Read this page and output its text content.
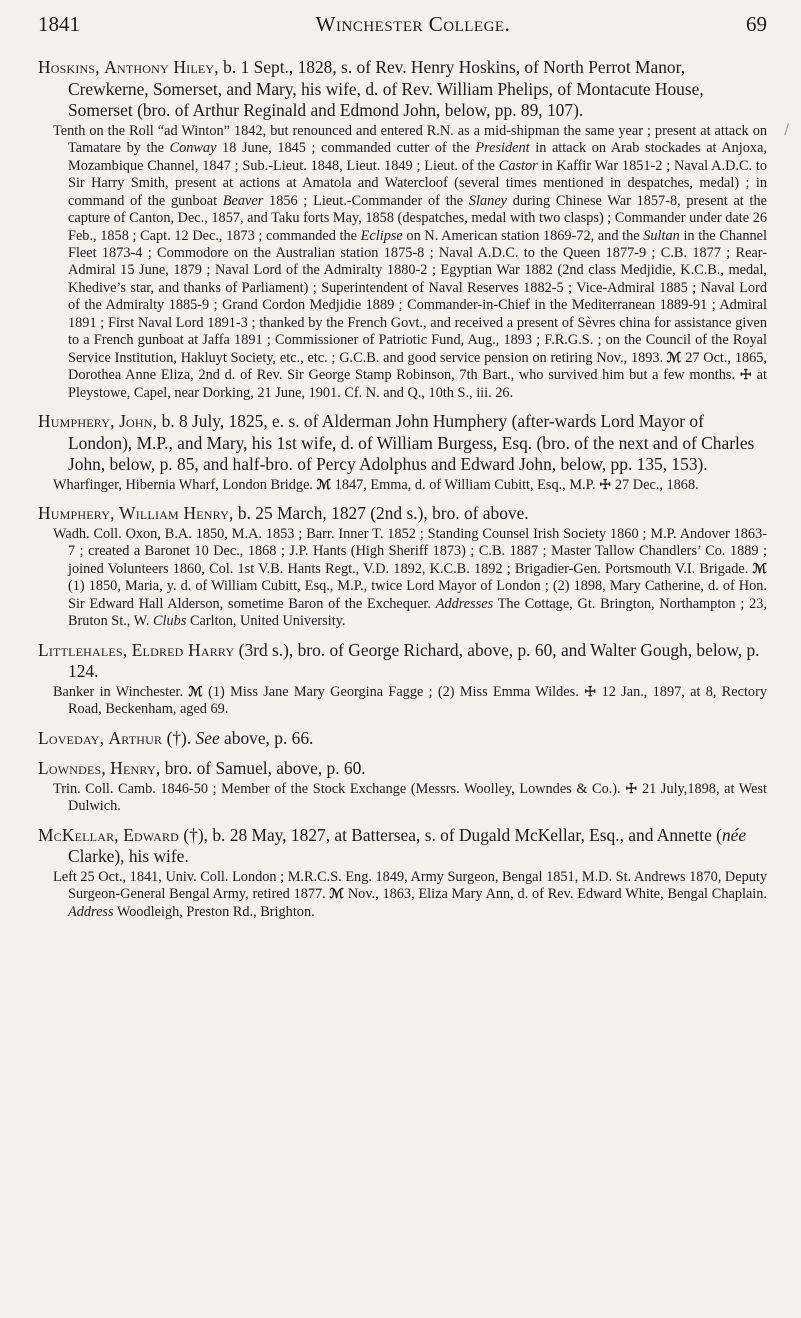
1841	Winchester College.	69
/

Hoskins, Anthony Hiley, b. 1 Sept., 1828, s. of Rev. Henry Hoskins, of North Perrot Manor, Crewkerne, Somerset, and Mary, his wife, d. of Rev. William Phelips, of Montacute House, Somerset (bro. of Arthur Reginald and Edmond John, below, pp. 89, 107).

Tenth on the Roll “ad Winton” 1842, but renounced and entered R.N. as a mid-shipman the same year ; present at attack on Tamatare by the Conway 18 June, 1845 ; commanded cutter of the President in attack on Arab stockades at Anjoxa, Mozambique Channel, 1847 ; Sub.-Lieut. 1848, Lieut. 1849 ; Lieut. of the Castor in Kaffir War 1851-2 ; Naval A.D.C. to Sir Harry Smith, present at actions at Amatola and Watercloof (several times mentioned in despatches, medal) ; in command of the gunboat Beaver 1856 ; Lieut.-Commander of the Slaney during Chinese War 1857-8, present at the capture of Canton, Dec., 1857, and Taku forts May, 1858 (despatches, medal with two clasps) ; Commander under date 26 Feb., 1858 ; Capt. 12 Dec., 1873 ; commanded the Eclipse on N. American station 1869-72, and the Sultan in the Channel Fleet 1873-4 ; Commodore on the Australian station 1875-8 ; Naval A.D.C. to the Queen 1877-9 ; C.B. 1877 ; Rear-Admiral 15 June, 1879 ; Naval Lord of the Admiralty 1880-2 ; Egyptian War 1882 (2nd class Medjidie, K.C.B., medal, Khedive’s star, and thanks of Parliament) ; Superintendent of Naval Reserves 1882-5 ; Vice-Admiral 1885 ; Naval Lord of the Admiralty 1885-9 ; Grand Cordon Medjidie 1889 ; Commander-in-Chief in the Mediterranean 1889-91 ; Admiral 1891 ; First Naval Lord 1891-3 ; thanked by the French Govt., and received a present of Sèvres china for assistance given to a French gunboat at Jaffa 1891 ; Commissioner of Patriotic Fund, Aug., 1893 ; F.R.G.S. ; on the Council of the Royal Service Institution, Hakluyt Society, etc., etc. ; G.C.B. and good service pension on retiring Nov., 1893. ℳ 27 Oct., 1865, Dorothea Anne Eliza, 2nd d. of Rev. Sir George Stamp Robinson, 7th Bart., who survived him but a few months. ☩ at Pleystowe, Capel, near Dorking, 21 June, 1901. Cf. N. and Q., 10th S., iii. 26.

Humphery, John, b. 8 July, 1825, e. s. of Alderman John Humphery (after-wards Lord Mayor of London), M.P., and Mary, his 1st wife, d. of William Burgess, Esq. (bro. of the next and of Charles John, below, p. 85, and half-bro. of Percy Adolphus and Edward John, below, pp. 135, 153).

Wharfinger, Hibernia Wharf, London Bridge. ℳ 1847, Emma, d. of William Cubitt, Esq., M.P. ☩ 27 Dec., 1868.

Humphery, William Henry, b. 25 March, 1827 (2nd s.), bro. of above.

Wadh. Coll. Oxon, B.A. 1850, M.A. 1853 ; Barr. Inner T. 1852 ; Standing Counsel Irish Society 1860 ; M.P. Andover 1863-7 ; created a Baronet 10 Dec., 1868 ; J.P. Hants (High Sheriff 1873) ; C.B. 1887 ; Master Tallow Chandlers’ Co. 1889 ; joined Volunteers 1860, Col. 1st V.B. Hants Regt., V.D. 1892, K.C.B. 1892 ; Brigadier-Gen. Portsmouth V.I. Brigade. ℳ (1) 1850, Maria, y. d. of William Cubitt, Esq., M.P., twice Lord Mayor of London ; (2) 1898, Mary Catherine, d. of Hon. Sir Edward Hall Alderson, sometime Baron of the Exchequer. Addresses The Cottage, Gt. Brington, Northampton ; 23, Bruton St., W. Clubs Carlton, United University.

Littlehales, Eldred Harry (3rd s.), bro. of George Richard, above, p. 60, and Walter Gough, below, p. 124.

Banker in Winchester. ℳ (1) Miss Jane Mary Georgina Fagge ; (2) Miss Emma Wildes. ☩ 12 Jan., 1897, at 8, Rectory Road, Beckenham, aged 69.

Loveday, Arthur (†). See above, p. 66.

Lowndes, Henry, bro. of Samuel, above, p. 60.

Trin. Coll. Camb. 1846-50 ; Member of the Stock Exchange (Messrs. Woolley, Lowndes & Co.). ☩ 21 July,1898, at West Dulwich.

McKellar, Edward (†), b. 28 May, 1827, at Battersea, s. of Dugald McKellar, Esq., and Annette (née Clarke), his wife.

Left 25 Oct., 1841, Univ. Coll. London ; M.R.C.S. Eng. 1849, Army Surgeon, Bengal 1851, M.D. St. Andrews 1870, Deputy Surgeon-General Bengal Army, retired 1877. ℳ Nov., 1863, Eliza Mary Ann, d. of Rev. Edward White, Bengal Chaplain. Address Woodleigh, Preston Rd., Brighton.
